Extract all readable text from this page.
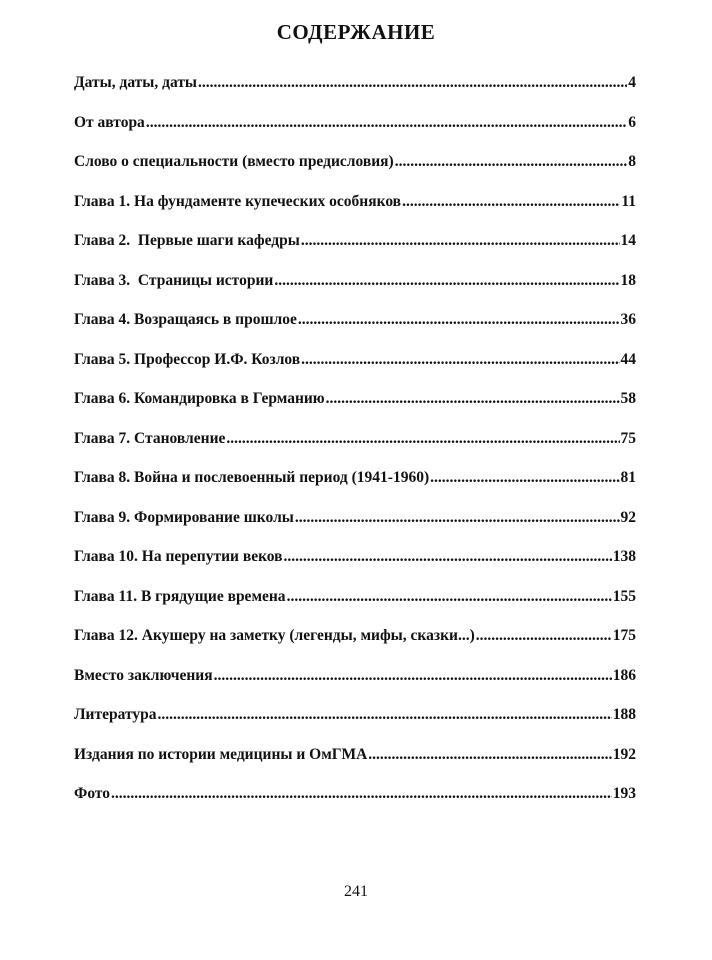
СОДЕРЖАНИЕ
Даты, даты, даты .....	4
От автора .....	6
Слово о специальности (вместо предисловия) .....	8
Глава 1. На фундаменте купеческих особняков .....	11
Глава 2.  Первые шаги кафедры .....	14
Глава 3.  Страницы истории .....	18
Глава 4. Возращаясь в прошлое .....	36
Глава 5. Профессор И.Ф. Козлов .....	44
Глава 6. Командировка в Германию .....	58
Глава 7. Становление .....	75
Глава 8. Война и послевоенный период (1941-1960) .....	81
Глава 9. Формирование школы .....	92
Глава 10. На перепутии веков .....	138
Глава 11. В грядущие времена .....	155
Глава 12. Акушеру на заметку (легенды, мифы, сказки...) .....	175
Вместо заключения .....	186
Литература .....	188
Издания по истории медицины и ОмГМА .....	192
Фото .....	193
241
